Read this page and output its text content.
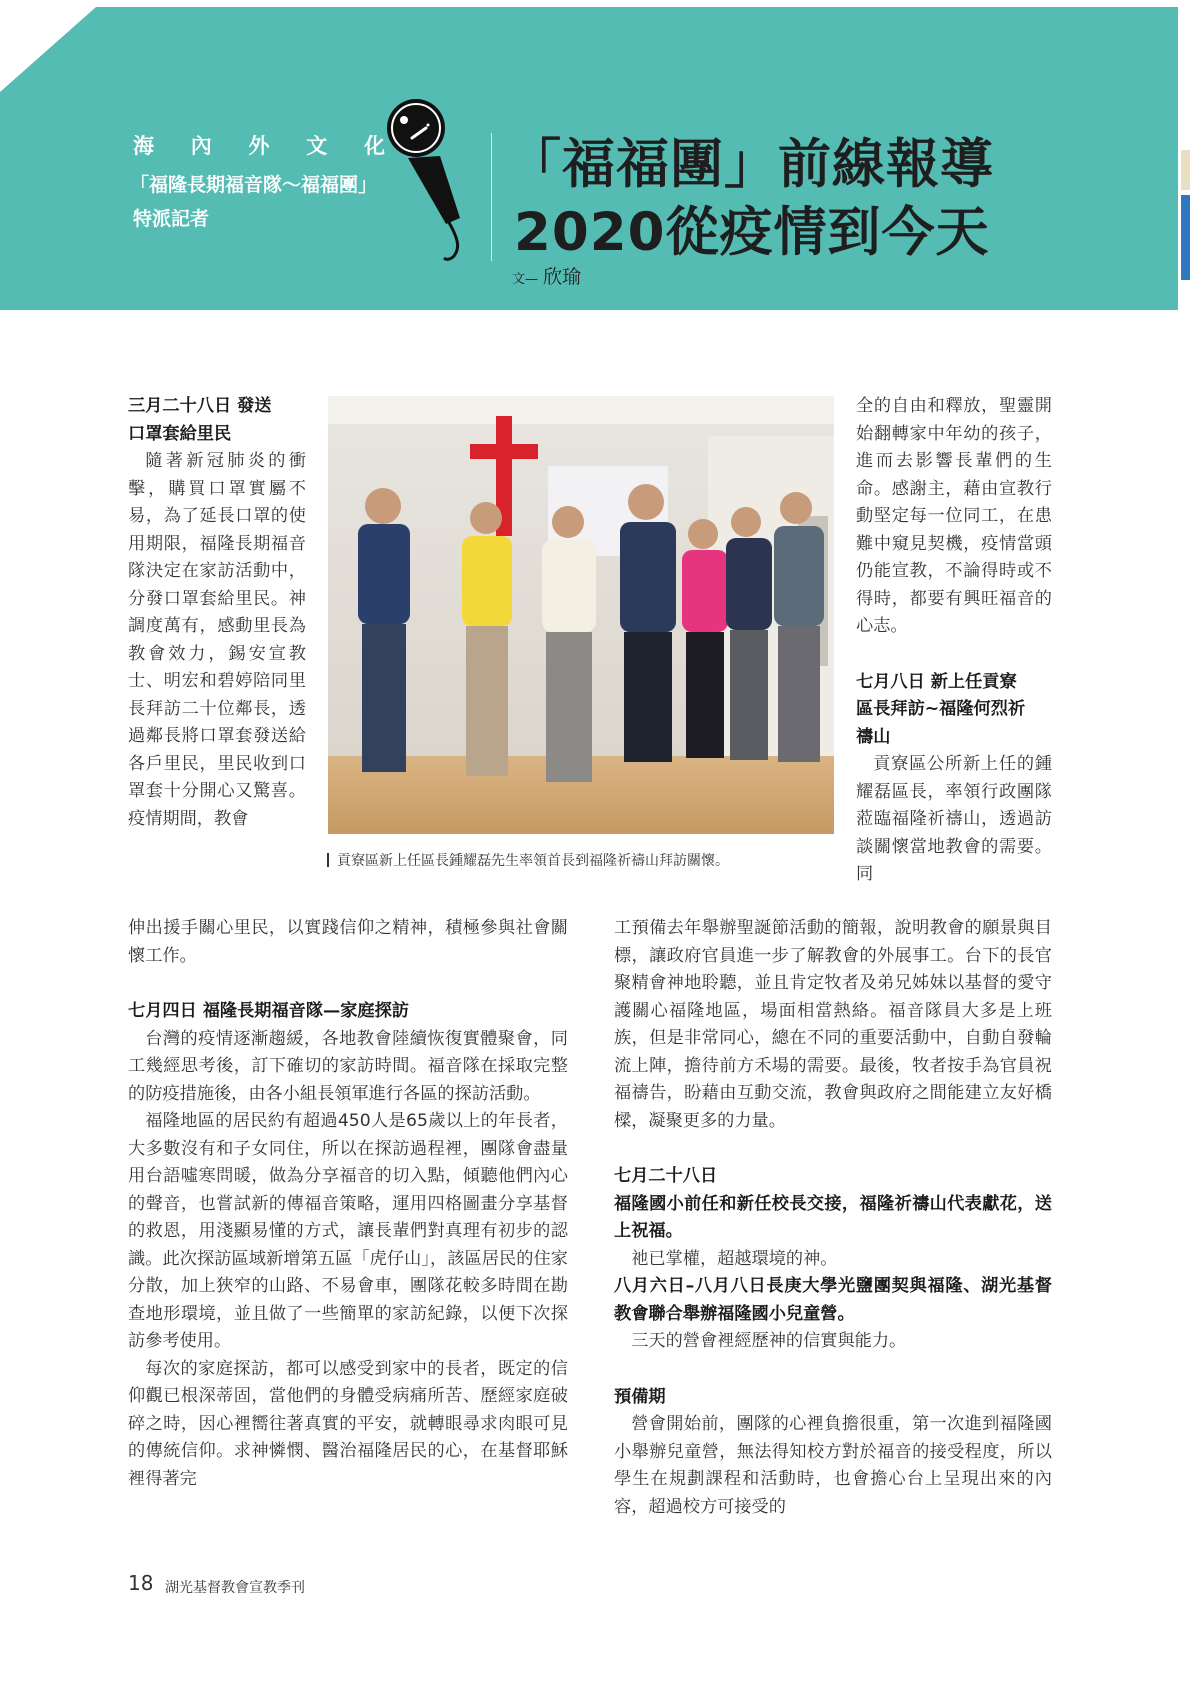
海 內 外 文 化
「福隆長期福音隊～福福團」
特派記者
「福福團」前線報導
2020從疫情到今天
文— 欣瑜

三月二十八日 發送

口罩套給里民

隨著新冠肺炎的衝擊，購買口罩實屬不易，為了延長口罩的使用期限，福隆長期福音隊決定在家訪活動中，分發口罩套給里民。神調度萬有，感動里長為教會效力，錫安宣教士、明宏和碧婷陪同里長拜訪二十位鄰長，透過鄰長將口罩套發送給各戶里民，里民收到口罩套十分開心又驚喜。疫情期間，教會

貢寮區新上任區長鍾耀磊先生率領首長到福隆祈禱山拜訪關懷。

全的自由和釋放，聖靈開始翻轉家中年幼的孩子，進而去影響長輩們的生命。感謝主，藉由宣教行動堅定每一位同工，在患難中窺見契機，疫情當頭仍能宣教，不論得時或不得時，都要有興旺福音的心志。

七月八日 新上任貢寮

區長拜訪~福隆何烈祈

禱山

貢寮區公所新上任的鍾耀磊區長，率領行政團隊蒞臨福隆祈禱山，透過訪談關懷當地教會的需要。同

伸出援手關心里民，以實踐信仰之精神，積極參與社會關懷工作。

七月四日 福隆長期福音隊—家庭探訪

台灣的疫情逐漸趨緩，各地教會陸續恢復實體聚會，同工幾經思考後，訂下確切的家訪時間。福音隊在採取完整的防疫措施後，由各小組長領軍進行各區的探訪活動。

福隆地區的居民約有超過450人是65歲以上的年長者，大多數沒有和子女同住，所以在探訪過程裡，團隊會盡量用台語噓寒問暖，做為分享福音的切入點，傾聽他們內心的聲音，也嘗試新的傳福音策略，運用四格圖畫分享基督的救恩，用淺顯易懂的方式，讓長輩們對真理有初步的認識。此次探訪區域新增第五區「虎仔山」，該區居民的住家分散，加上狹窄的山路、不易會車，團隊花較多時間在勘查地形環境，並且做了一些簡單的家訪紀錄，以便下次探訪參考使用。

每次的家庭探訪，都可以感受到家中的長者，既定的信仰觀已根深蒂固，當他們的身體受病痛所苦、歷經家庭破碎之時，因心裡嚮往著真實的平安，就轉眼尋求肉眼可見的傳統信仰。求神憐憫、醫治福隆居民的心，在基督耶穌裡得著完

工預備去年舉辦聖誕節活動的簡報，說明教會的願景與目標，讓政府官員進一步了解教會的外展事工。台下的長官聚精會神地聆聽，並且肯定牧者及弟兄姊妹以基督的愛守護關心福隆地區，場面相當熱絡。福音隊員大多是上班族，但是非常同心，總在不同的重要活動中，自動自發輪流上陣，擔待前方禾場的需要。最後，牧者按手為官員祝福禱告，盼藉由互動交流，教會與政府之間能建立友好橋樑，凝聚更多的力量。

七月二十八日

福隆國小前任和新任校長交接，福隆祈禱山代表獻花，送上祝福。

祂已掌權，超越環境的神。

八月六日–八月八日長庚大學光鹽團契與福隆、湖光基督教會聯合舉辦福隆國小兒童營。

三天的營會裡經歷神的信實與能力。

預備期

營會開始前，團隊的心裡負擔很重，第一次進到福隆國小舉辦兒童營，無法得知校方對於福音的接受程度，所以學生在規劃課程和活動時，也會擔心台上呈現出來的內容，超過校方可接受的

18 湖光基督教會宣教季刊
